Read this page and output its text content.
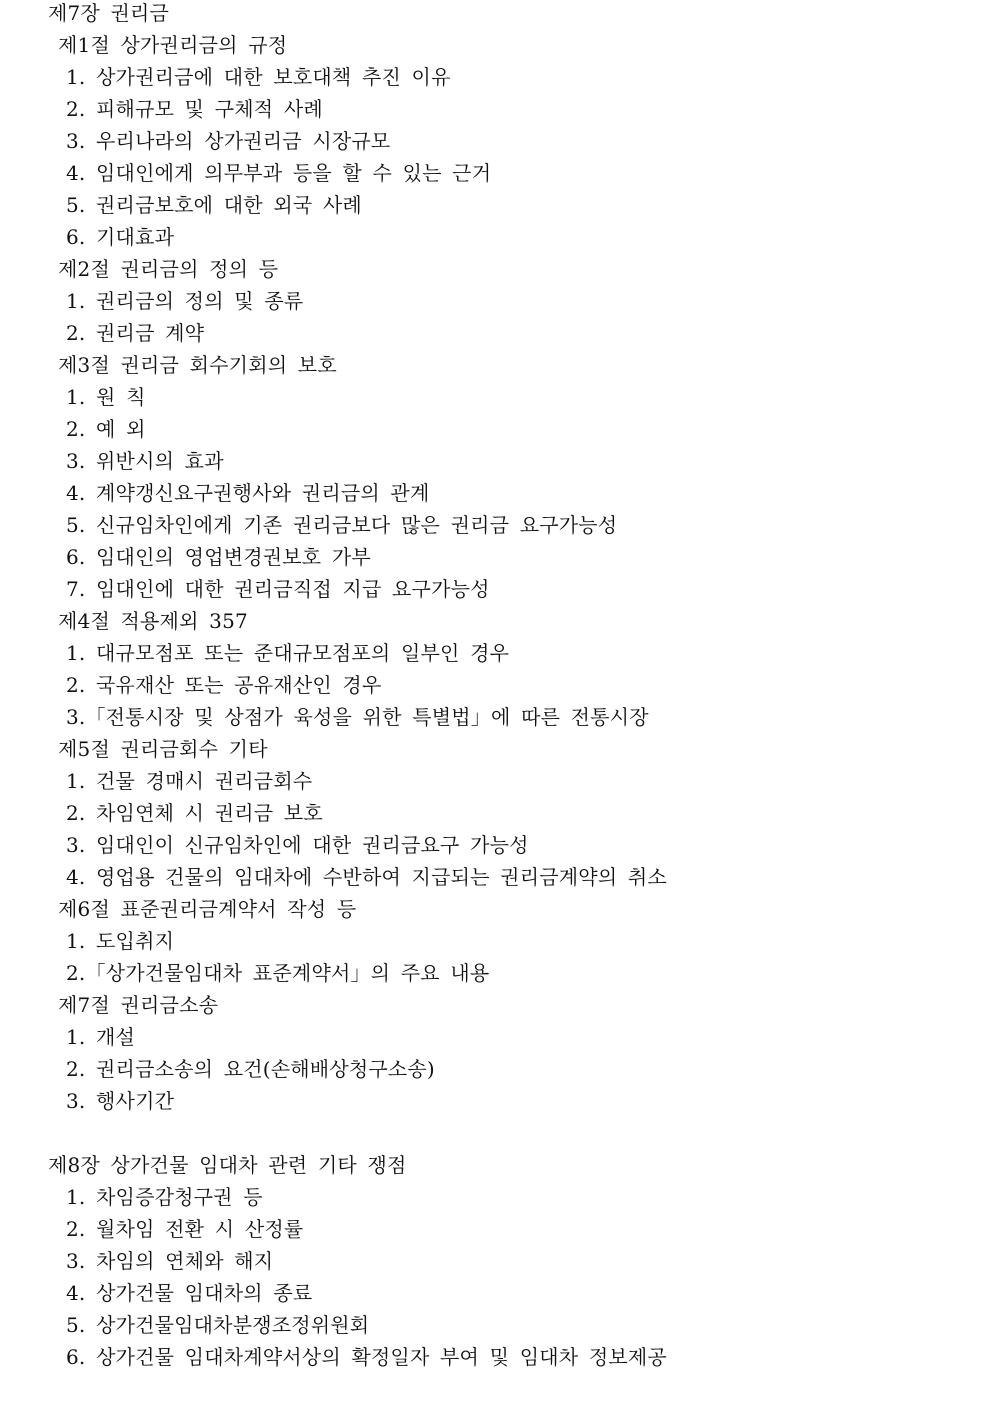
제7장 권리금
제1절 상가권리금의 규정
1. 상가권리금에 대한 보호대책 추진 이유
2. 피해규모 및 구체적 사례
3. 우리나라의 상가권리금 시장규모
4. 임대인에게 의무부과 등을 할 수 있는 근거
5. 권리금보호에 대한 외국 사례
6. 기대효과
제2절 권리금의 정의 등
1. 권리금의 정의 및 종류
2. 권리금 계약
제3절 권리금 회수기회의 보호
1. 원 칙
2. 예 외
3. 위반시의 효과
4. 계약갱신요구권행사와 권리금의 관계
5. 신규임차인에게 기존 권리금보다 많은 권리금 요구가능성
6. 임대인의 영업변경권보호 가부
7. 임대인에 대한 권리금직접 지급 요구가능성
제4절 적용제외 357
1. 대규모점포 또는 준대규모점포의 일부인 경우
2. 국유재산 또는 공유재산인 경우
3.「전통시장 및 상점가 육성을 위한 특별법」에 따른 전통시장
제5절 권리금회수 기타
1. 건물 경매시 권리금회수
2. 차임연체 시 권리금 보호
3. 임대인이 신규임차인에 대한 권리금요구 가능성
4. 영업용 건물의 임대차에 수반하여 지급되는 권리금계약의 취소
제6절 표준권리금계약서 작성 등
1. 도입취지
2.「상가건물임대차 표준계약서」의 주요 내용
제7절 권리금소송
1. 개설
2. 권리금소송의 요건(손해배상청구소송)
3. 행사기간
제8장 상가건물 임대차 관련 기타 쟁점
1. 차임증감청구권 등
2. 월차임 전환 시 산정률
3. 차임의 연체와 해지
4. 상가건물 임대차의 종료
5. 상가건물임대차분쟁조정위원회
6. 상가건물 임대차계약서상의 확정일자 부여 및 임대차 정보제공
